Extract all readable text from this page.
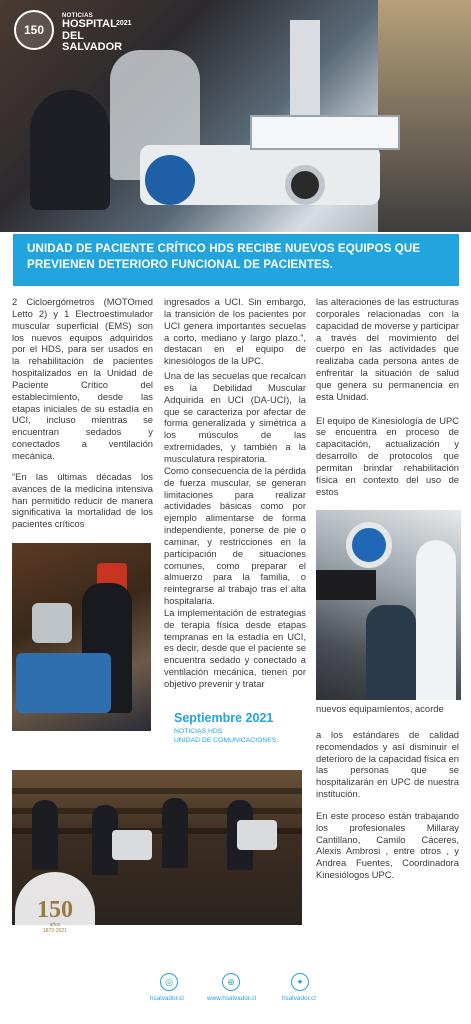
150
NOTICIAS
HOSPITAL DEL SALVADOR
2021
UNIDAD DE PACIENTE CRÍTICO HDS RECIBE NUEVOS EQUIPOS QUE PREVIENEN DETERIORO FUNCIONAL DE PACIENTES.

2 Cicloergómetros (MOTOmed Letto 2) y 1 Electroestimulador muscular superficial (EMS) son los nuevos equipos adquiridos por el HDS, para ser usados en la rehabilitación de pacientes hospitalizados en la Unidad de Paciente Crítico del establecimiento, desde las etapas iniciales de su estadía en UCI, incluso mientras se encuentran sedados y conectados a ventilación mecánica.

“En las últimas décadas los avances de la medicina intensiva han permitido reducir de manera significativa la mortalidad de los pacientes críticos

ingresados a UCI. Sin embargo, la transición de los pacientes por UCI genera importantes secuelas a corto, mediano y largo plazo.”, destacan en el equipo de kinesiólogos de la UPC.

Una de las secuelas que recalcan es la Debilidad Muscular Adquirida en UCI (DA-UCI), la que se caracteriza por afectar de forma generalizada y simétrica a los músculos de las extremidades, y también a la musculatura respiratoria.

Como consecuencia de la pérdida de fuerza muscular, se generan limitaciones para realizar actividades básicas como por ejemplo alimentarse de forma independiente, ponerse de pie o caminar, y restricciones en la participación de situaciones comunes, como preparar el almuerzo para la familia, o reintegrarse al trabajo tras el alta hospitalaria.

La implementación de estrategias de terapia física desde etapas tempranas en la estadía en UCI, es decir, desde que el paciente se encuentra sedado y conectado a ventilación mecánica, tienen por objetivo prevenir y tratar

las alteraciones de las estructuras corporales relacionadas con la capacidad de moverse y participar a través del movimiento del cuerpo en las actividades que realizaba cada persona antes de enfrentar la situación de salud que genera su permanencia en esta Unidad.

El equipo de Kinesiología de UPC se encuentra en proceso de capacitación, actualización y desarrollo de protocolos que permitan brindar rehabilitación física en contexto del uso de estos

nuevos equipamientos, acorde

a los estándares de calidad recomendados y así disminuir el deterioro de la capacidad física en las personas que se hospitalizarán en UPC de nuestra institución.

En este proceso están trabajando los profesionales Millaray Cantillano, Camilo Cáceres, Alexis Ambrosi , entre otros , y Andrea Fuentes, Coordinadora Kinesiólogos UPC.

150
años
1872-2021
Septiembre 2021
NOTICIAS HDS
UNIDAD DE COMUNICACIONES
◎
hsalvador.cl
⊕
www.hsalvador.cl
✦
hsalvador.cl
